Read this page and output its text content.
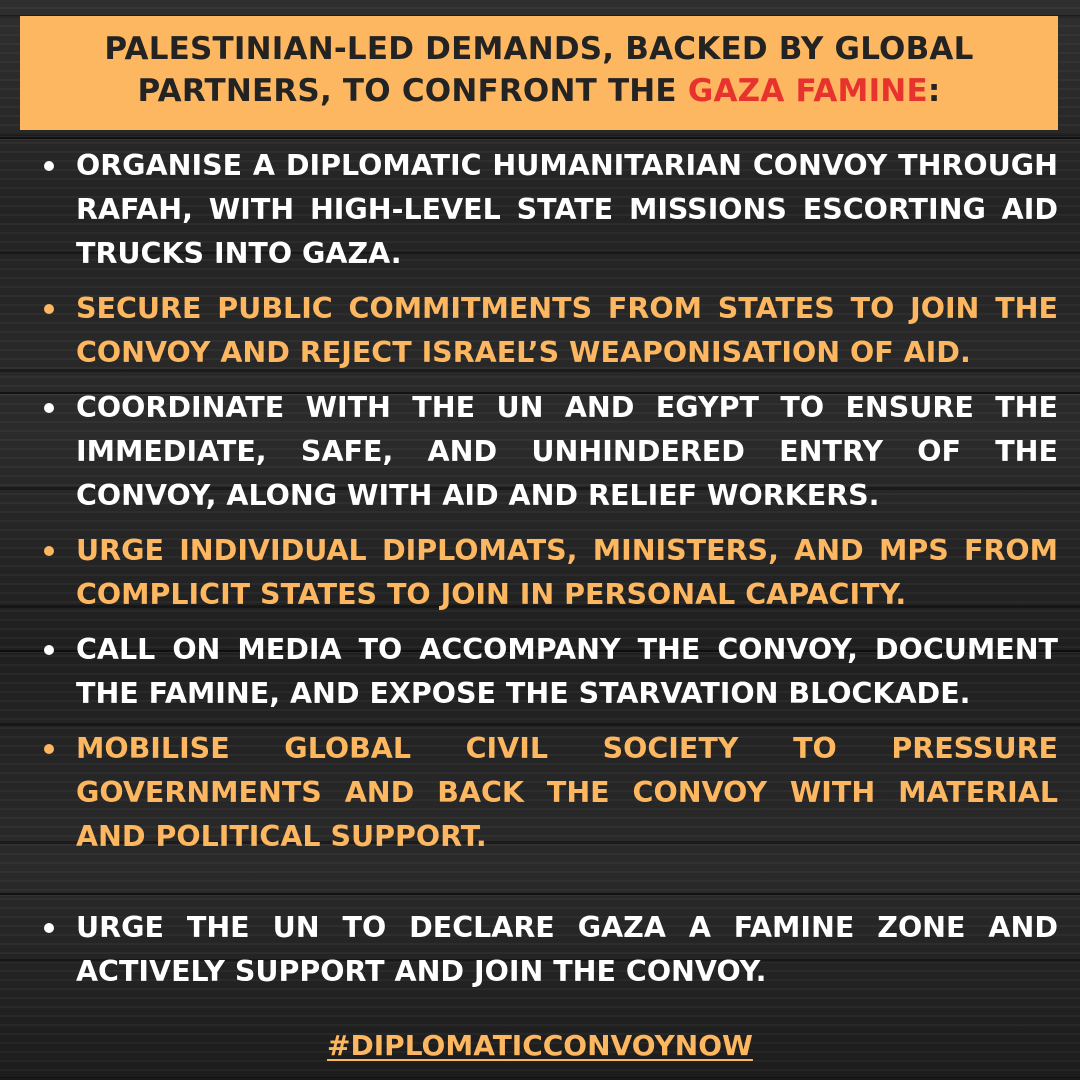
PALESTINIAN-LED DEMANDS, BACKED BY GLOBAL PARTNERS, TO CONFRONT THE GAZA FAMINE:
ORGANISE A DIPLOMATIC HUMANITARIAN CONVOY THROUGH RAFAH, WITH HIGH-LEVEL STATE MISSIONS ESCORTING AID TRUCKS INTO GAZA.
SECURE PUBLIC COMMITMENTS FROM STATES TO JOIN THE CONVOY AND REJECT ISRAEL’S WEAPONISATION OF AID.
COORDINATE WITH THE UN AND EGYPT TO ENSURE THE IMMEDIATE, SAFE, AND UNHINDERED ENTRY OF THE CONVOY, ALONG WITH AID AND RELIEF WORKERS.
URGE INDIVIDUAL DIPLOMATS, MINISTERS, AND MPS FROM COMPLICIT STATES TO JOIN IN PERSONAL CAPACITY.
CALL ON MEDIA TO ACCOMPANY THE CONVOY, DOCUMENT THE FAMINE, AND EXPOSE THE STARVATION BLOCKADE.
MOBILISE GLOBAL CIVIL SOCIETY TO PRESSURE GOVERNMENTS AND BACK THE CONVOY WITH MATERIAL AND POLITICAL SUPPORT.
URGE THE UN TO DECLARE GAZA A FAMINE ZONE AND ACTIVELY SUPPORT AND JOIN THE CONVOY.
#DIPLOMATICCONVOYNOW
